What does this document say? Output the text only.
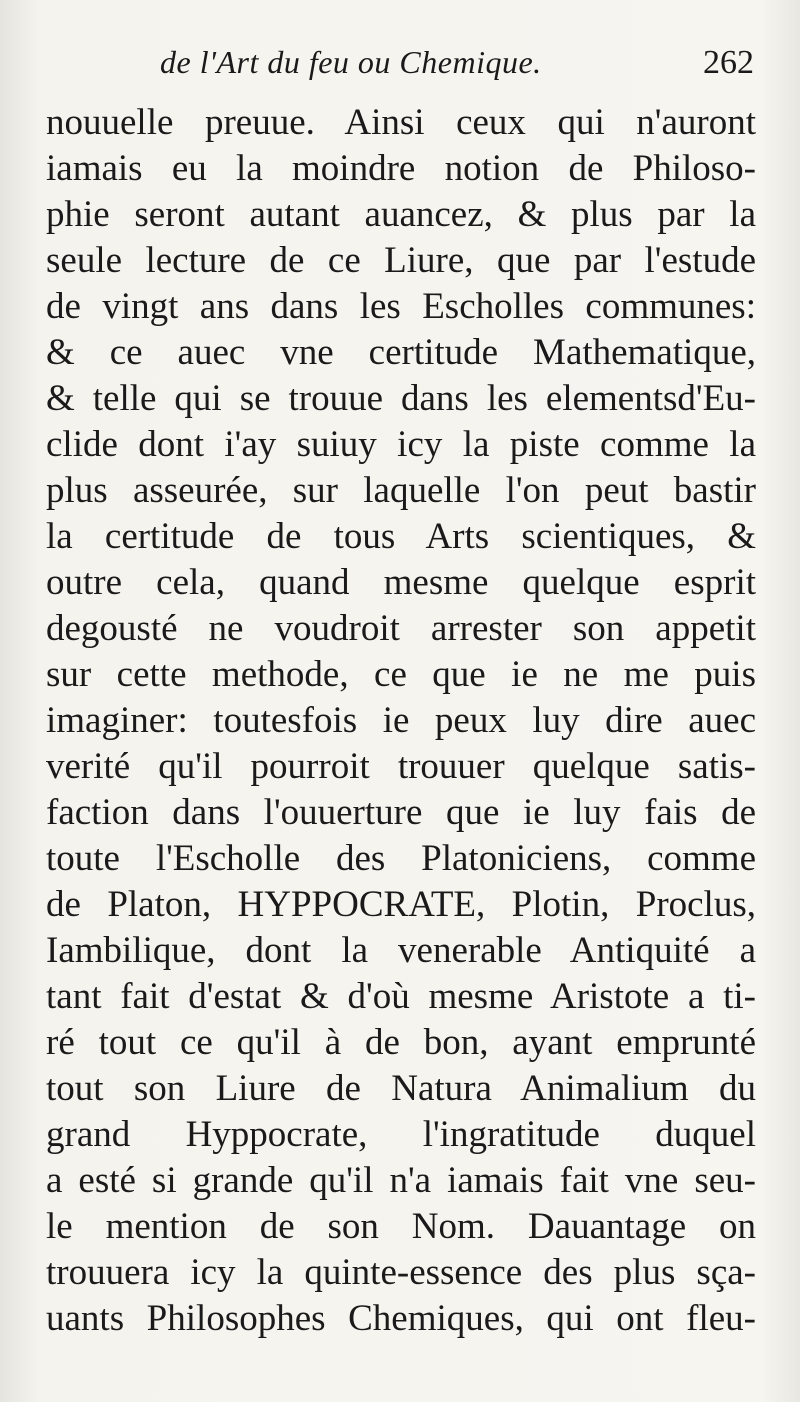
de l'Art du feu ou Chemique.	262
nouuelle preuue. Ainsi ceux qui n'auront
iamais eu la moindre notion de Philoso-
phie seront autant auancez, & plus par la
seule lecture de ce Liure, que par l'estude
de vingt ans dans les Escholles communes:
& ce auec vne certitude Mathematique,
& telle qui se trouue dans les elementsd'Eu-
clide dont i'ay suiuy icy la piste comme la
plus asseurée, sur laquelle l'on peut bastir
la certitude de tous Arts scientiques, &
outre cela, quand mesme quelque esprit
degousté ne voudroit arrester son appetit
sur cette methode, ce que ie ne me puis
imaginer: toutesfois ie peux luy dire auec
verité qu'il pourroit trouuer quelque satis-
faction dans l'ouuerture que ie luy fais de
toute l'Escholle des Platoniciens, comme
de Platon, HYPPOCRATE, Plotin, Proclus,
Iambilique, dont la venerable Antiquité a
tant fait d'estat & d'où mesme Aristote a ti-
ré tout ce qu'il à de bon, ayant emprunté
tout son Liure de Natura Animalium du
grand Hyppocrate, l'ingratitude duquel
a esté si grande qu'il n'a iamais fait vne seu-
le mention de son Nom. Dauantage on
trouuera icy la quinte-essence des plus sça-
uants Philosophes Chemiques, qui ont fleu-
